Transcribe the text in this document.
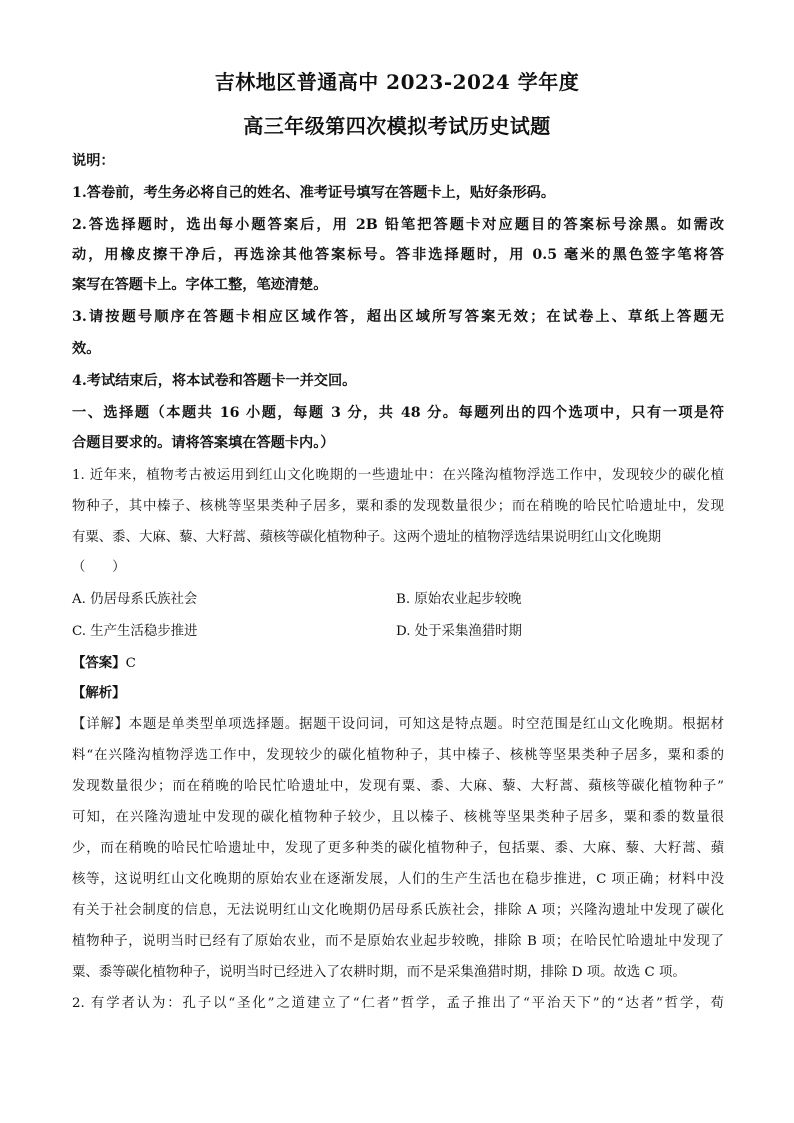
吉林地区普通高中 2023-2024 学年度
高三年级第四次模拟考试历史试题
说明：
1.答卷前，考生务必将自己的姓名、准考证号填写在答题卡上，贴好条形码。
2.答选择题时，选出每小题答案后，用 2B 铅笔把答题卡对应题目的答案标号涂黑。如需改
动，用橡皮擦干净后，再选涂其他答案标号。答非选择题时，用 0.5 毫米的黑色签字笔将答
案写在答题卡上。字体工整，笔迹清楚。
3.请按题号顺序在答题卡相应区域作答，超出区域所写答案无效；在试卷上、草纸上答题无
效。
4.考试结束后，将本试卷和答题卡一并交回。
一、选择题（本题共 16 小题，每题 3 分，共 48 分。每题列出的四个选项中，只有一项是符
合题目要求的。请将答案填在答题卡内。）
1. 近年来，植物考古被运用到红山文化晚期的一些遗址中：在兴隆沟植物浮选工作中，发现较少的碳化植
物种子，其中榛子、核桃等坚果类种子居多，粟和黍的发现数量很少；而在稍晚的哈民忙哈遗址中，发现
有粟、黍、大麻、藜、大籽蒿、蘋核等碳化植物种子。这两个遗址的植物浮选结果说明红山文化晚期
（　　）
A. 仍居母系氏族社会	B. 原始农业起步较晚
C. 生产生活稳步推进	D. 处于采集渔猎时期
【答案】C
【解析】
【详解】本题是单类型单项选择题。据题干设问词，可知这是特点题。时空范围是红山文化晚期。根据材
料“在兴隆沟植物浮选工作中，发现较少的碳化植物种子，其中榛子、核桃等坚果类种子居多，粟和黍的
发现数量很少；而在稍晚的哈民忙哈遗址中，发现有粟、黍、大麻、藜、大籽蒿、蘋核等碳化植物种子”
可知，在兴隆沟遗址中发现的碳化植物种子较少，且以榛子、核桃等坚果类种子居多，粟和黍的数量很
少，而在稍晚的哈民忙哈遗址中，发现了更多种类的碳化植物种子，包括粟、黍、大麻、藜、大籽蒿、蘋
核等，这说明红山文化晚期的原始农业在逐渐发展，人们的生产生活也在稳步推进，C 项正确；材料中没
有关于社会制度的信息，无法说明红山文化晚期仍居母系氏族社会，排除 A 项；兴隆沟遗址中发现了碳化
植物种子，说明当时已经有了原始农业，而不是原始农业起步较晚，排除 B 项；在哈民忙哈遗址中发现了
粟、黍等碳化植物种子，说明当时已经进入了农耕时期，而不是采集渔猎时期，排除 D 项。故选 C 项。
2. 有学者认为：孔子以“圣化”之道建立了“仁者”哲学，孟子推出了“平治天下”的“达者”哲学，荀
